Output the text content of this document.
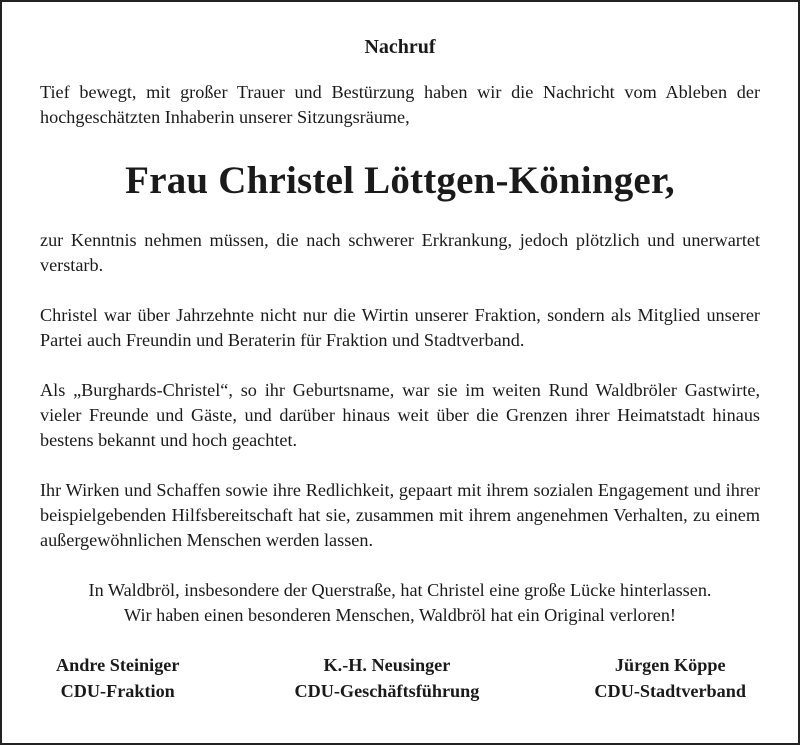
Nachruf

Tief bewegt, mit großer Trauer und Bestürzung haben wir die Nachricht vom Ableben der hochgeschätzten Inhaberin unserer Sitzungsräume,

Frau Christel Löttgen-Köninger,

zur Kenntnis nehmen müssen, die nach schwerer Erkrankung, jedoch plötzlich und unerwartet verstarb.

Christel war über Jahrzehnte nicht nur die Wirtin unserer Fraktion, sondern als Mitglied unserer Partei auch Freundin und Beraterin für Fraktion und Stadtverband.

Als „Burghards-Christel“, so ihr Geburtsname, war sie im weiten Rund Waldbröler Gastwirte, vieler Freunde und Gäste, und darüber hinaus weit über die Grenzen ihrer Heimatstadt hinaus bestens bekannt und hoch geachtet.

Ihr Wirken und Schaffen sowie ihre Redlichkeit, gepaart mit ihrem sozialen Engagement und ihrer beispielgebenden Hilfsbereitschaft hat sie, zusammen mit ihrem angenehmen Verhalten, zu einem außergewöhnlichen Menschen werden lassen.

In Waldbröl, insbesondere der Querstraße, hat Christel eine große Lücke hinterlassen.
Wir haben einen besonderen Menschen, Waldbröl hat ein Original verloren!
Andre Steiniger
CDU-Fraktion
K.-H. Neusinger
CDU-Geschäftsführung
Jürgen Köppe
CDU-Stadtverband
